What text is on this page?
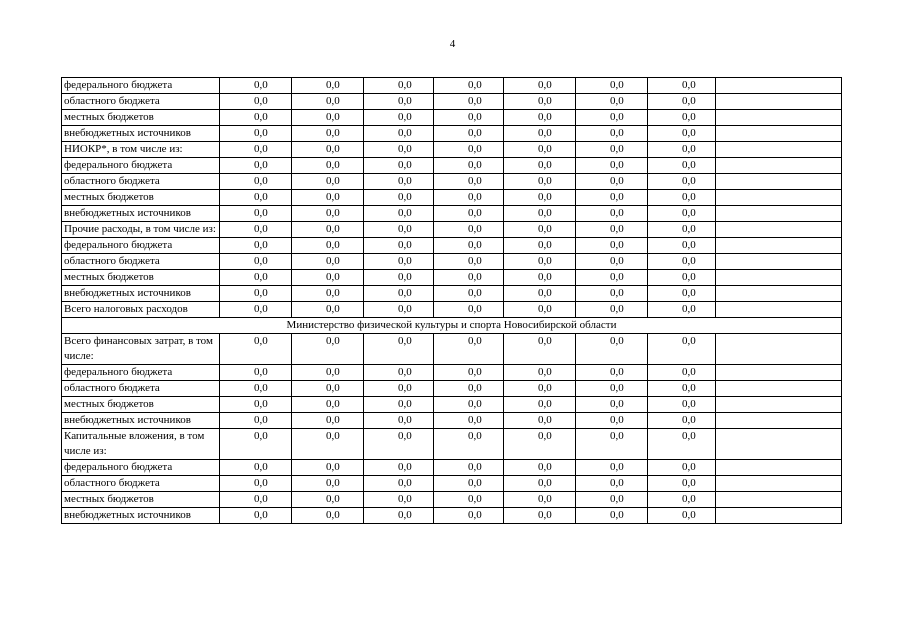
4
федерального бюджета	0,0	0,0	0,0	0,0	0,0	0,0	0,0	
областного бюджета	0,0	0,0	0,0	0,0	0,0	0,0	0,0	
местных бюджетов	0,0	0,0	0,0	0,0	0,0	0,0	0,0	
внебюджетных источников	0,0	0,0	0,0	0,0	0,0	0,0	0,0	
НИОКР*, в том числе из:	0,0	0,0	0,0	0,0	0,0	0,0	0,0	
федерального бюджета	0,0	0,0	0,0	0,0	0,0	0,0	0,0	
областного бюджета	0,0	0,0	0,0	0,0	0,0	0,0	0,0	
местных бюджетов	0,0	0,0	0,0	0,0	0,0	0,0	0,0	
внебюджетных источников	0,0	0,0	0,0	0,0	0,0	0,0	0,0	
Прочие расходы, в том числе из:	0,0	0,0	0,0	0,0	0,0	0,0	0,0	
федерального бюджета	0,0	0,0	0,0	0,0	0,0	0,0	0,0	
областного бюджета	0,0	0,0	0,0	0,0	0,0	0,0	0,0	
местных бюджетов	0,0	0,0	0,0	0,0	0,0	0,0	0,0	
внебюджетных источников	0,0	0,0	0,0	0,0	0,0	0,0	0,0	
Всего налоговых расходов	0,0	0,0	0,0	0,0	0,0	0,0	0,0	
Министерство физической культуры и спорта Новосибирской области								
Всего финансовых затрат, в том числе:	0,0	0,0	0,0	0,0	0,0	0,0	0,0	
федерального бюджета	0,0	0,0	0,0	0,0	0,0	0,0	0,0	
областного бюджета	0,0	0,0	0,0	0,0	0,0	0,0	0,0	
местных бюджетов	0,0	0,0	0,0	0,0	0,0	0,0	0,0	
внебюджетных источников	0,0	0,0	0,0	0,0	0,0	0,0	0,0	
Капитальные вложения, в том числе из:	0,0	0,0	0,0	0,0	0,0	0,0	0,0	
федерального бюджета	0,0	0,0	0,0	0,0	0,0	0,0	0,0	
областного бюджета	0,0	0,0	0,0	0,0	0,0	0,0	0,0	
местных бюджетов	0,0	0,0	0,0	0,0	0,0	0,0	0,0	
внебюджетных источников	0,0	0,0	0,0	0,0	0,0	0,0	0,0	
